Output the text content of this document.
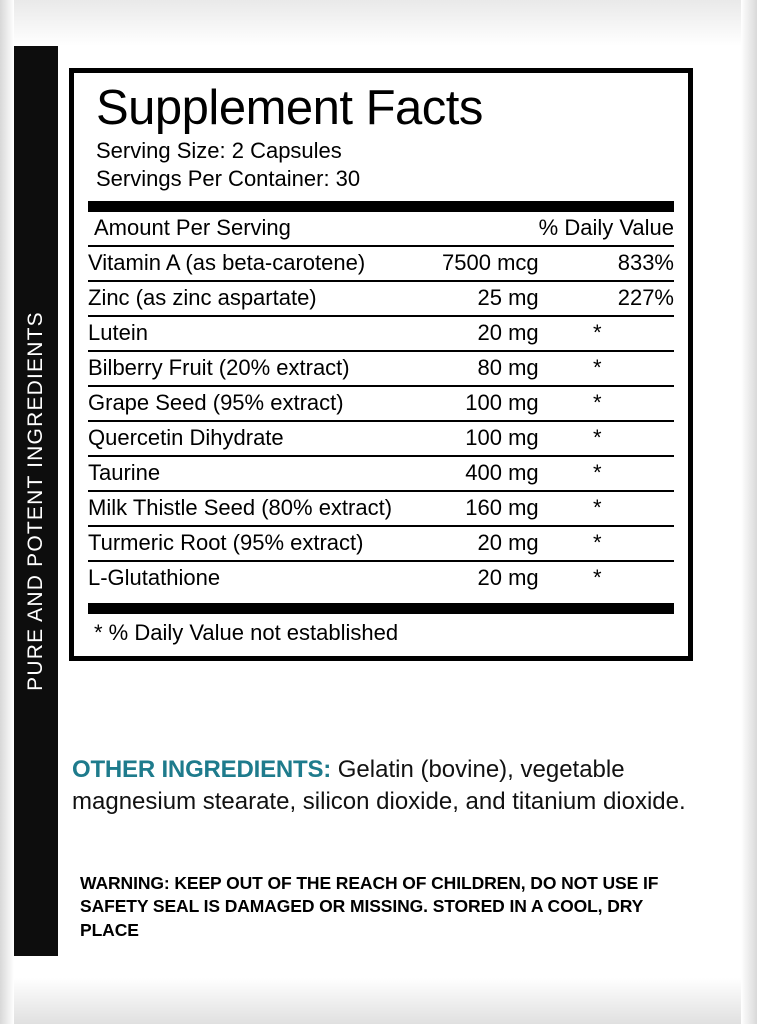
PURE AND POTENT INGREDIENTS
Supplement Facts
Serving Size: 2 Capsules
Servings Per Container: 30
Amount Per Serving		% Daily Value
Vitamin A (as beta-carotene)	7500 mcg	833%
Zinc (as zinc aspartate)	25 mg	227%
Lutein	20 mg	*
Bilberry Fruit (20% extract)	80 mg	*
Grape Seed (95% extract)	100 mg	*
Quercetin Dihydrate	100 mg	*
Taurine	400 mg	*
Milk Thistle Seed (80% extract)	160 mg	*
Turmeric Root (95% extract)	20 mg	*
L-Glutathione	20 mg	*
* % Daily Value not established
OTHER INGREDIENTS: Gelatin (bovine), vegetable magnesium stearate, silicon dioxide, and titanium dioxide.
WARNING: KEEP OUT OF THE REACH OF CHILDREN, DO NOT USE IF SAFETY SEAL IS DAMAGED OR MISSING. STORED IN A COOL, DRY PLACE
